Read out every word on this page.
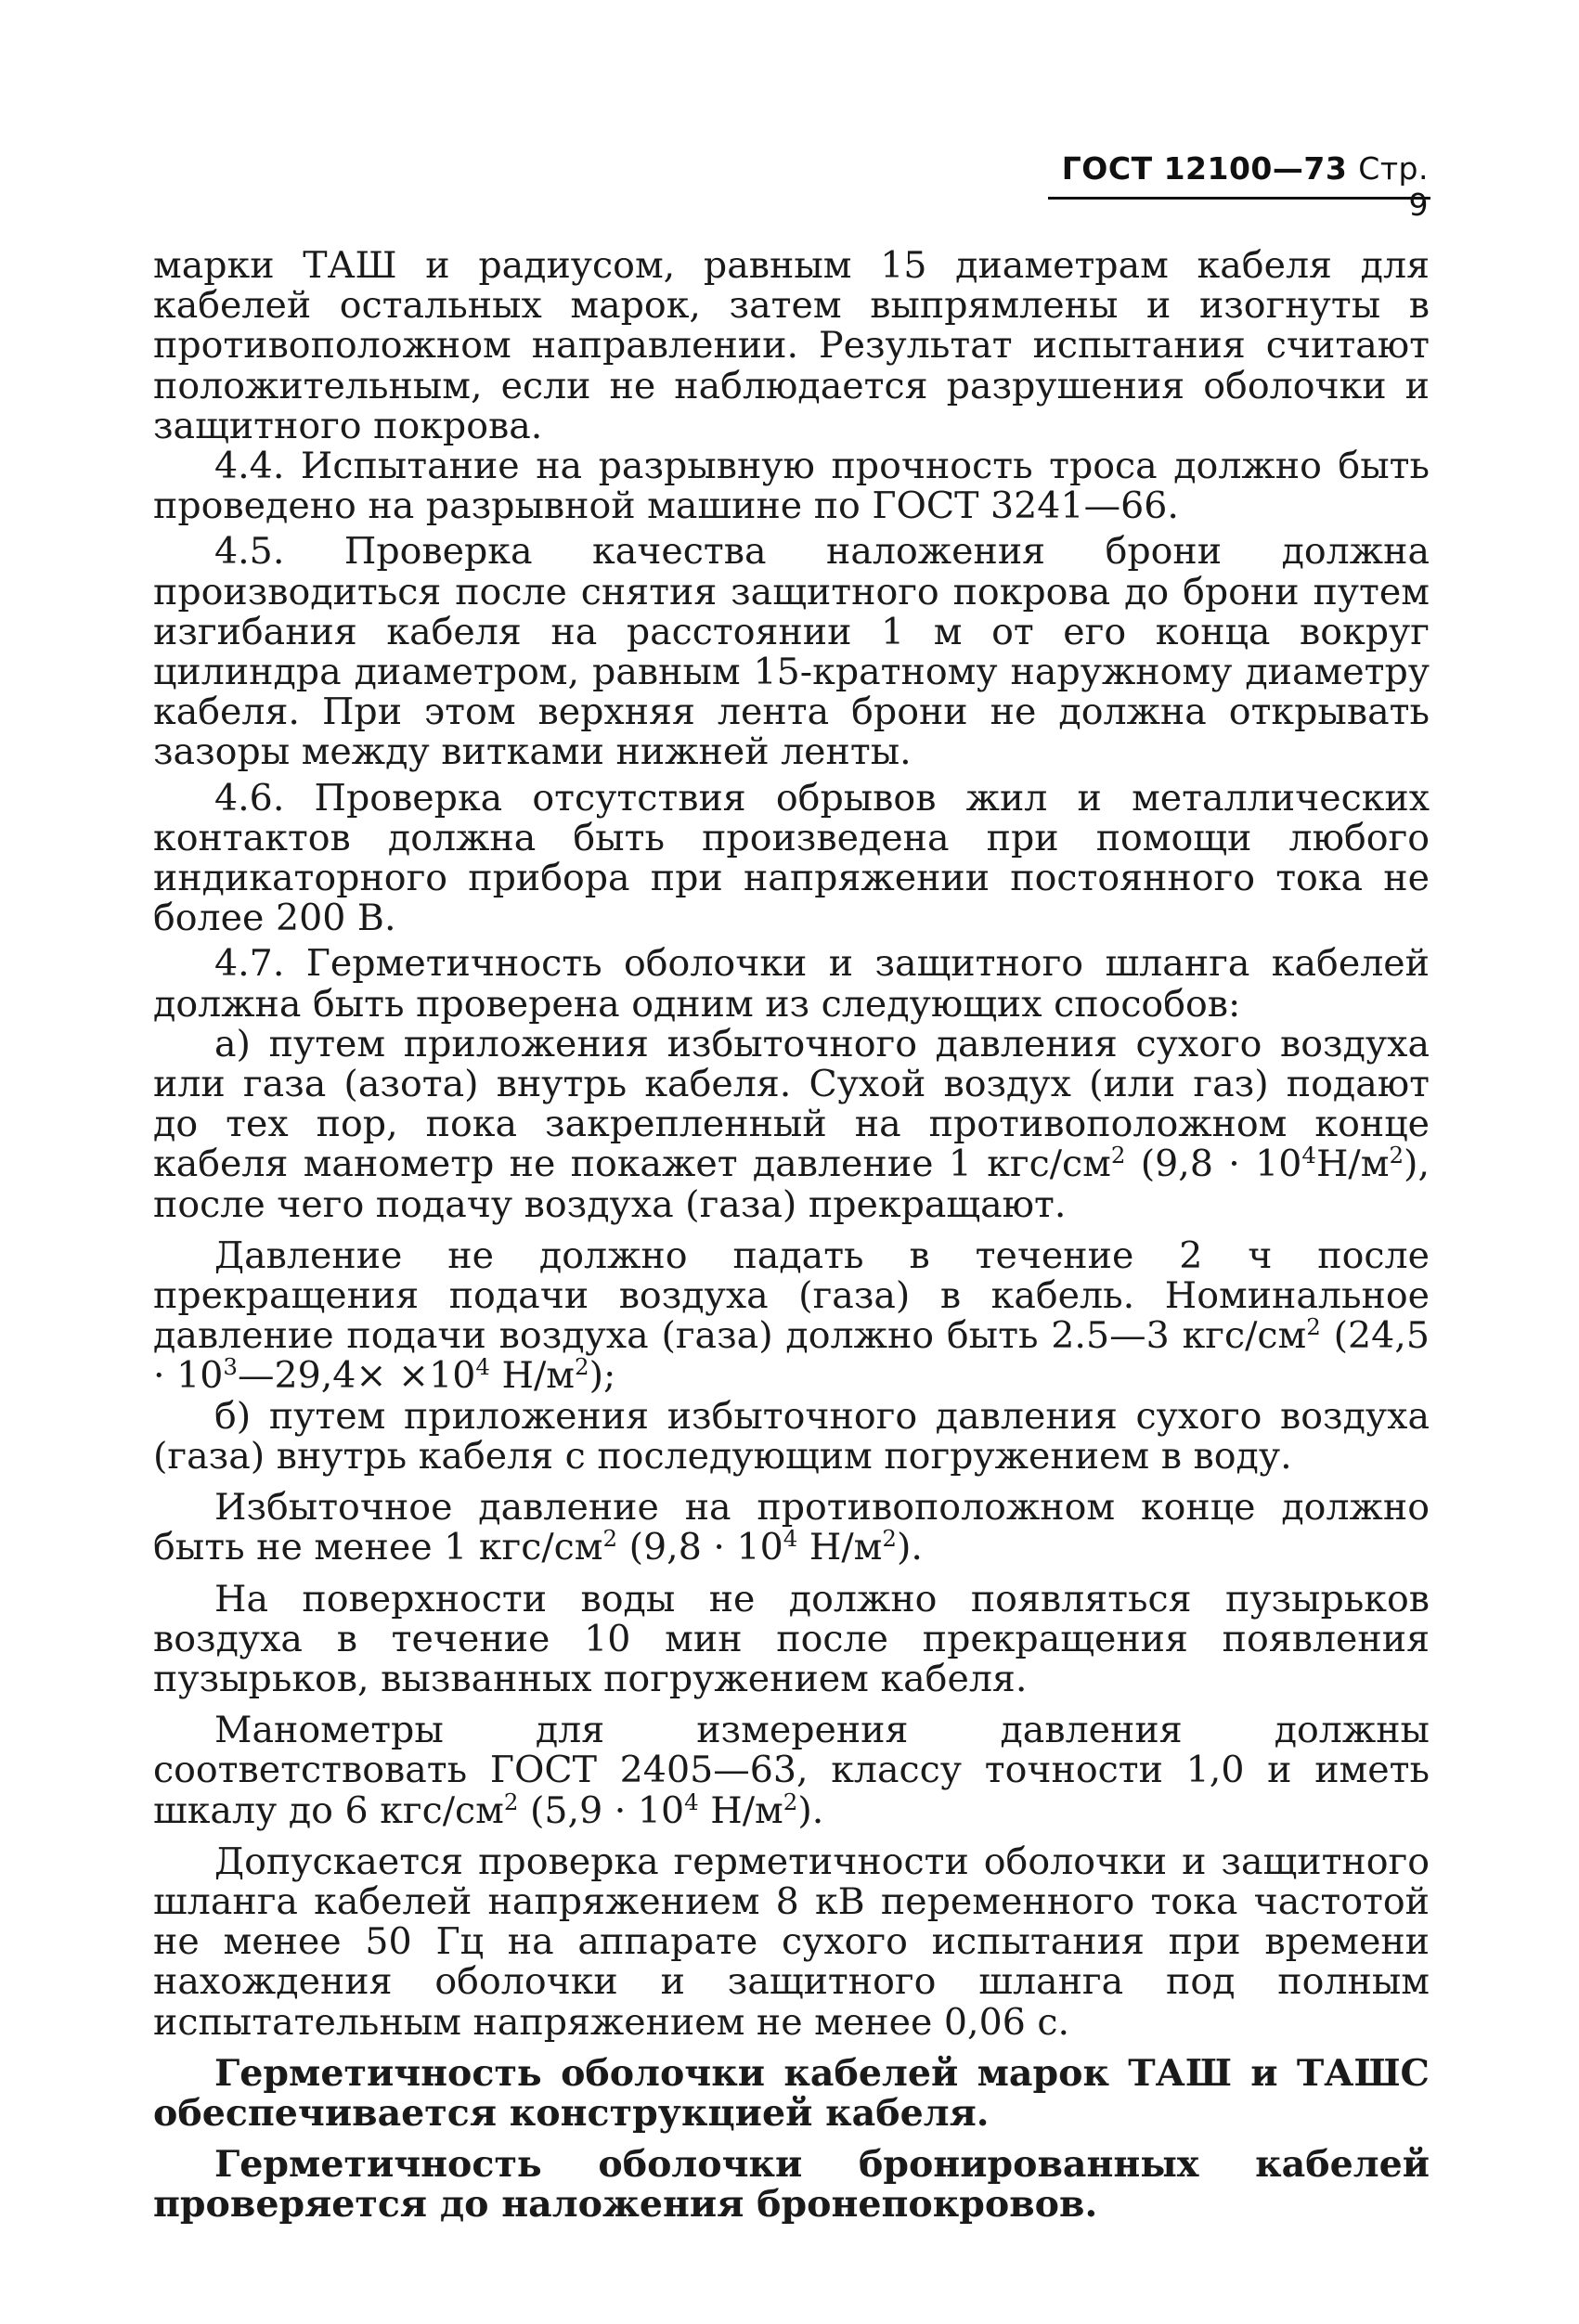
ГОСТ 12100—73 Стр. 9

марки ТАШ и радиусом, равным 15 диаметрам кабеля для кабелей остальных марок, затем выпрямлены и изогнуты в противоположном направлении. Результат испытания считают положительным, если не наблюдается разрушения оболочки и защитного покрова.

4.4. Испытание на разрывную прочность троса должно быть проведено на разрывной машине по ГОСТ 3241—66.

4.5. Проверка качества наложения брони должна производиться после снятия защитного покрова до брони путем изгибания кабеля на расстоянии 1 м от его конца вокруг цилиндра диаметром, равным 15-кратному наружному диаметру кабеля. При этом верхняя лента брони не должна открывать зазоры между витками нижней ленты.

4.6. Проверка отсутствия обрывов жил и металлических контактов должна быть произведена при помощи любого индикаторного прибора при напряжении постоянного тока не более 200 В.

4.7. Герметичность оболочки и защитного шланга кабелей должна быть проверена одним из следующих способов:

а) путем приложения избыточного давления сухого воздуха или газа (азота) внутрь кабеля. Сухой воздух (или газ) подают до тех пор, пока закрепленный на противоположном конце кабеля манометр не покажет давление 1 кгс/$см^2$ $(9,8 \cdot 10^4Н/м^2)$, после чего подачу воздуха (газа) прекращают.

Давление не должно падать в течение 2 ч после прекращения подачи воздуха (газа) в кабель. Номинальное давление подачи воздуха (газа) должно быть 2.5—3 кгс/$см^2$ ($24,5 \cdot 10^3—29,4\times \times 10^4$ $Н/м^2$);

б) путем приложения избыточного давления сухого воздуха (газа) внутрь кабеля с последующим погружением в воду.

Избыточное давление на противоположном конце должно быть не менее 1 кгс/$см^2$ ($9,8 \cdot 10^4$ $Н/м^2$).

На поверхности воды не должно появляться пузырьков воздуха в течение 10 мин после прекращения появления пузырьков, вызванных погружением кабеля.

Манометры для измерения давления должны соответствовать ГОСТ 2405—63, классу точности 1,0 и иметь шкалу до 6 кгс/$см^2$ ($5,9 \cdot 10^4$ $Н/м^2$).

Допускается проверка герметичности оболочки и защитного шланга кабелей напряжением 8 кВ переменного тока частотой не менее 50 Гц на аппарате сухого испытания при времени нахождения оболочки и защитного шланга под полным испытательным напряжением не менее 0,06 с.

Герметичность оболочки кабелей марок ТАШ и ТАШС обеспечивается конструкцией кабеля.

Герметичность оболочки бронированных кабелей проверяется до наложения бронепокровов.
